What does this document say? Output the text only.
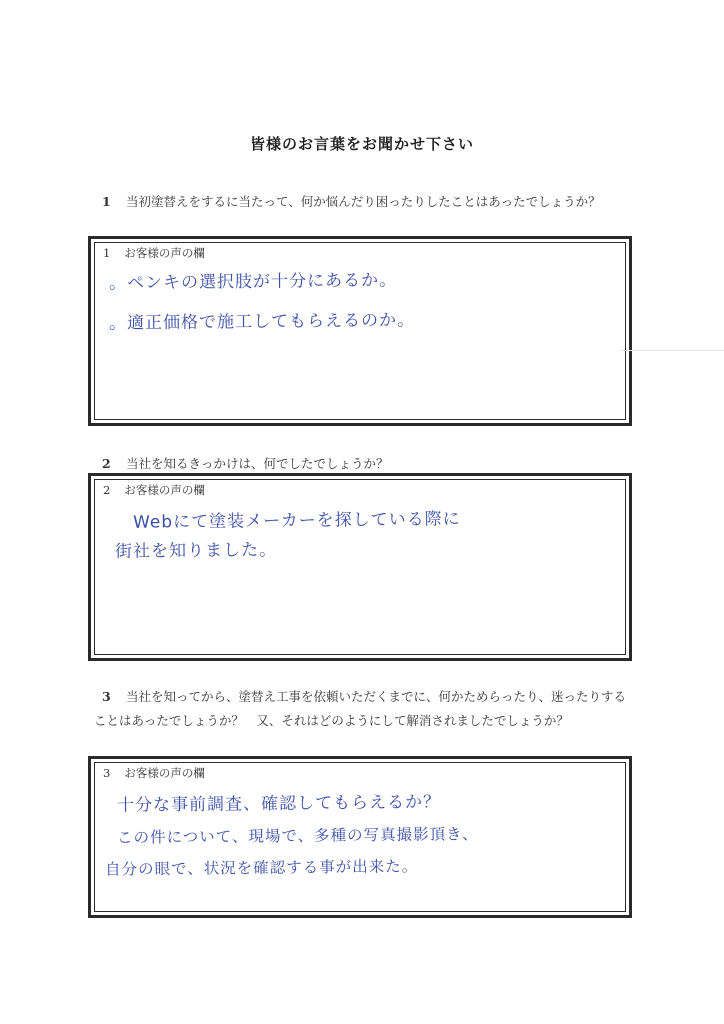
皆様のお言葉をお聞かせ下さい
1 当初塗替えをするに当たって、何か悩んだり困ったりしたことはあったでしょうか？
1 お客様の声の欄
。ペンキの選択肢が十分にあるか。
。適正価格で施工してもらえるのか。
2 当社を知るきっかけは、何でしたでしょうか？
2 お客様の声の欄
Webにて塗装メーカーを探している際に
街社を知りました。
3 当社を知ってから、塗替え工事を依頼いただくまでに、何かためらったり、迷ったりすることはあったでしょうか？　又、それはどのようにして解消されましたでしょうか？
3 お客様の声の欄
十分な事前調査、確認してもらえるか？
この件について、現場で、多種の写真撮影頂き、
自分の眼で、状況を確認する事が出来た。
